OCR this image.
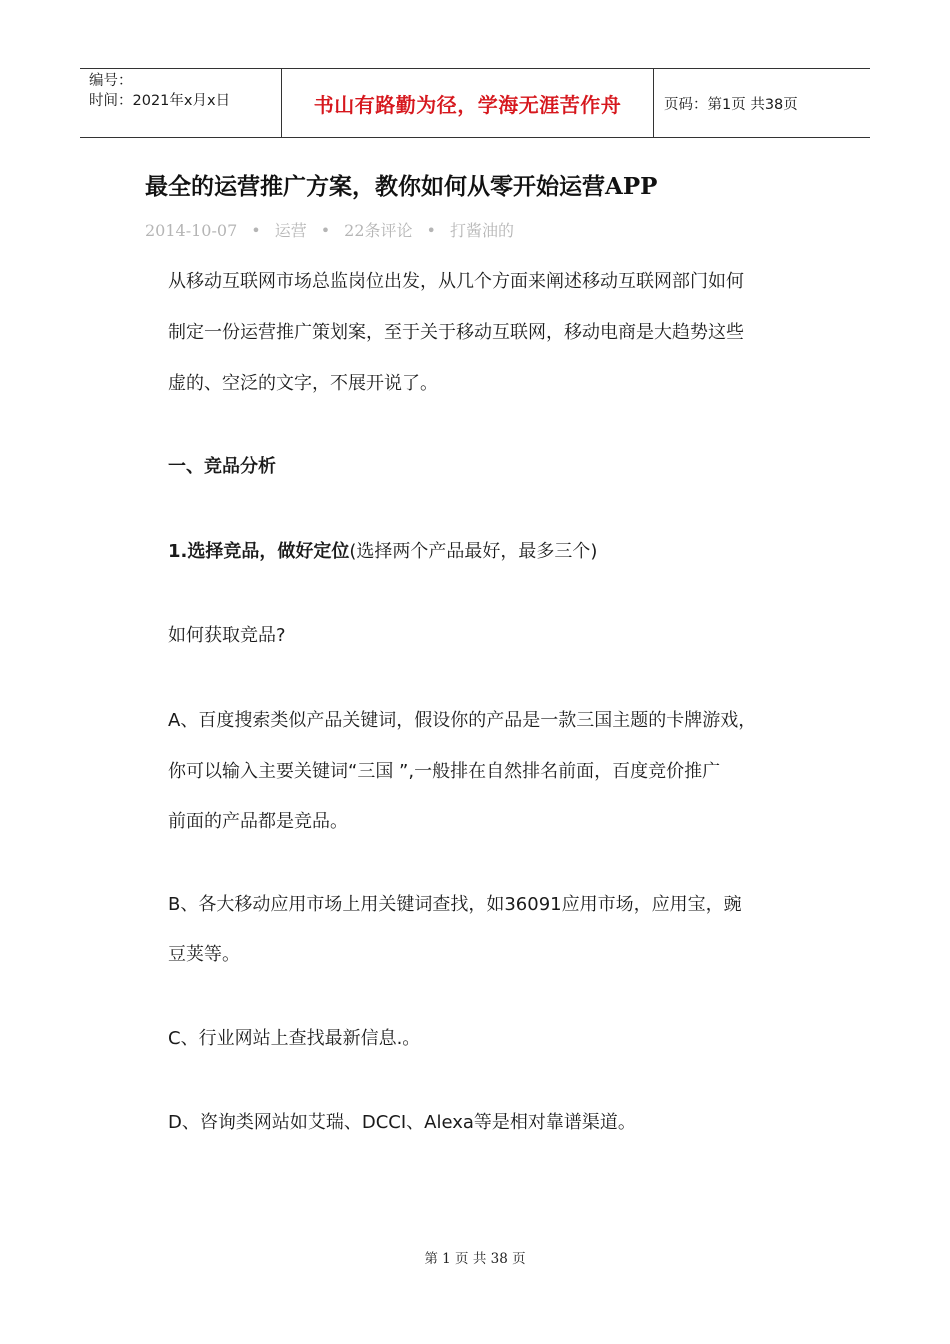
编号：
时间：2021年x月x日	书山有路勤为径，学海无涯苦作舟	页码：第1页 共38页
最全的运营推广方案，教你如何从零开始运营APP
2014-10-07 • 运营 • 22条评论 • 打酱油的
从移动互联网市场总监岗位出发，从几个方面来阐述移动互联网部门如何
制定一份运营推广策划案，至于关于移动互联网，移动电商是大趋势这些
虚的、空泛的文字，不展开说了。
一、竞品分析
1.选择竞品，做好定位(选择两个产品最好，最多三个)
如何获取竞品?
A、百度搜索类似产品关键词，假设你的产品是一款三国主题的卡牌游戏，
你可以输入主要关键词“三国 ”,一般排在自然排名前面，百度竞价推广
前面的产品都是竞品。
B、各大移动应用市场上用关键词查找，如36091应用市场，应用宝，豌
豆荚等。
C、行业网站上查找最新信息.。
D、咨询类网站如艾瑞、DCCI、Alexa等是相对靠谱渠道。
第 1 页 共 38 页
